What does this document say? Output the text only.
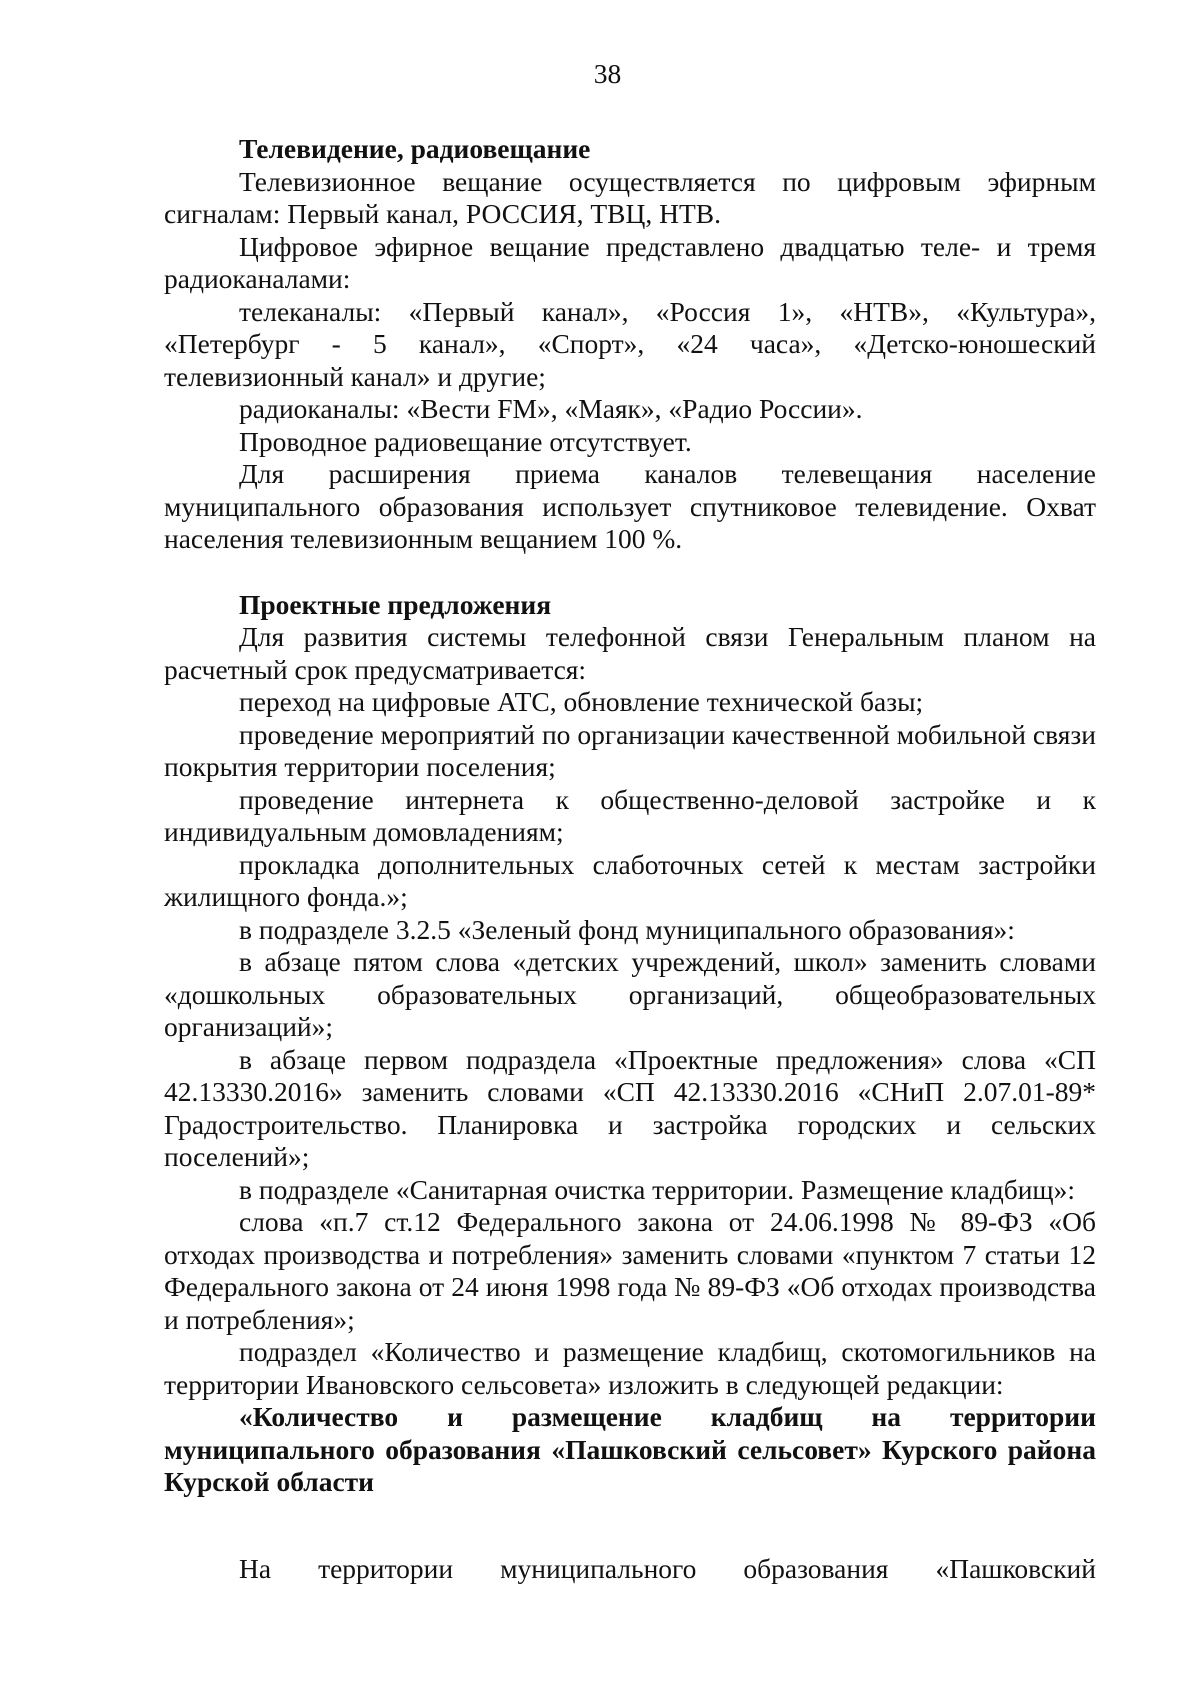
38

Телевидение, радиовещание

Телевизионное вещание осуществляется по цифровым эфирным сигналам: Первый канал, РОССИЯ, ТВЦ, НТВ.

Цифровое эфирное вещание представлено двадцатью теле- и тремя радиоканалами:

телеканалы: «Первый канал», «Россия 1», «НТВ», «Культура», «Петербург - 5 канал», «Спорт», «24 часа», «Детско-юношеский телевизионный канал» и другие;

радиоканалы: «Вести FM», «Маяк», «Радио России».

Проводное радиовещание отсутствует.

Для расширения приема каналов телевещания население муниципального образования использует спутниковое телевидение. Охват населения телевизионным вещанием 100 %.

Проектные предложения

Для развития системы телефонной связи Генеральным планом на расчетный срок предусматривается:

переход на цифровые АТС, обновление технической базы;

проведение мероприятий по организации качественной мобильной связи покрытия территории поселения;

проведение интернета к общественно-деловой застройке и к индивидуальным домовладениям;

прокладка дополнительных слаботочных сетей к местам застройки жилищного фонда.»;

в подразделе 3.2.5 «Зеленый фонд муниципального образования»:

в абзаце пятом слова «детских учреждений, школ» заменить словами «дошкольных образовательных организаций, общеобразовательных организаций»;

в абзаце первом подраздела «Проектные предложения» слова «СП 42.13330.2016» заменить словами «СП 42.13330.2016 «СНиП 2.07.01-89* Градостроительство. Планировка и застройка городских и сельских поселений»;

в подразделе «Санитарная очистка территории. Размещение кладбищ»:

слова «п.7 ст.12 Федерального закона от 24.06.1998 № 89-ФЗ «Об отходах производства и потребления» заменить словами «пунктом 7 статьи 12 Федерального закона от 24 июня 1998 года № 89-ФЗ «Об отходах производства и потребления»;

подраздел «Количество и размещение кладбищ, скотомогильников на территории Ивановского сельсовета» изложить в следующей редакции:

«Количество и размещение кладбищ на территории муниципального образования «Пашковский сельсовет» Курского района Курской области

На территории муниципального образования «Пашковский
